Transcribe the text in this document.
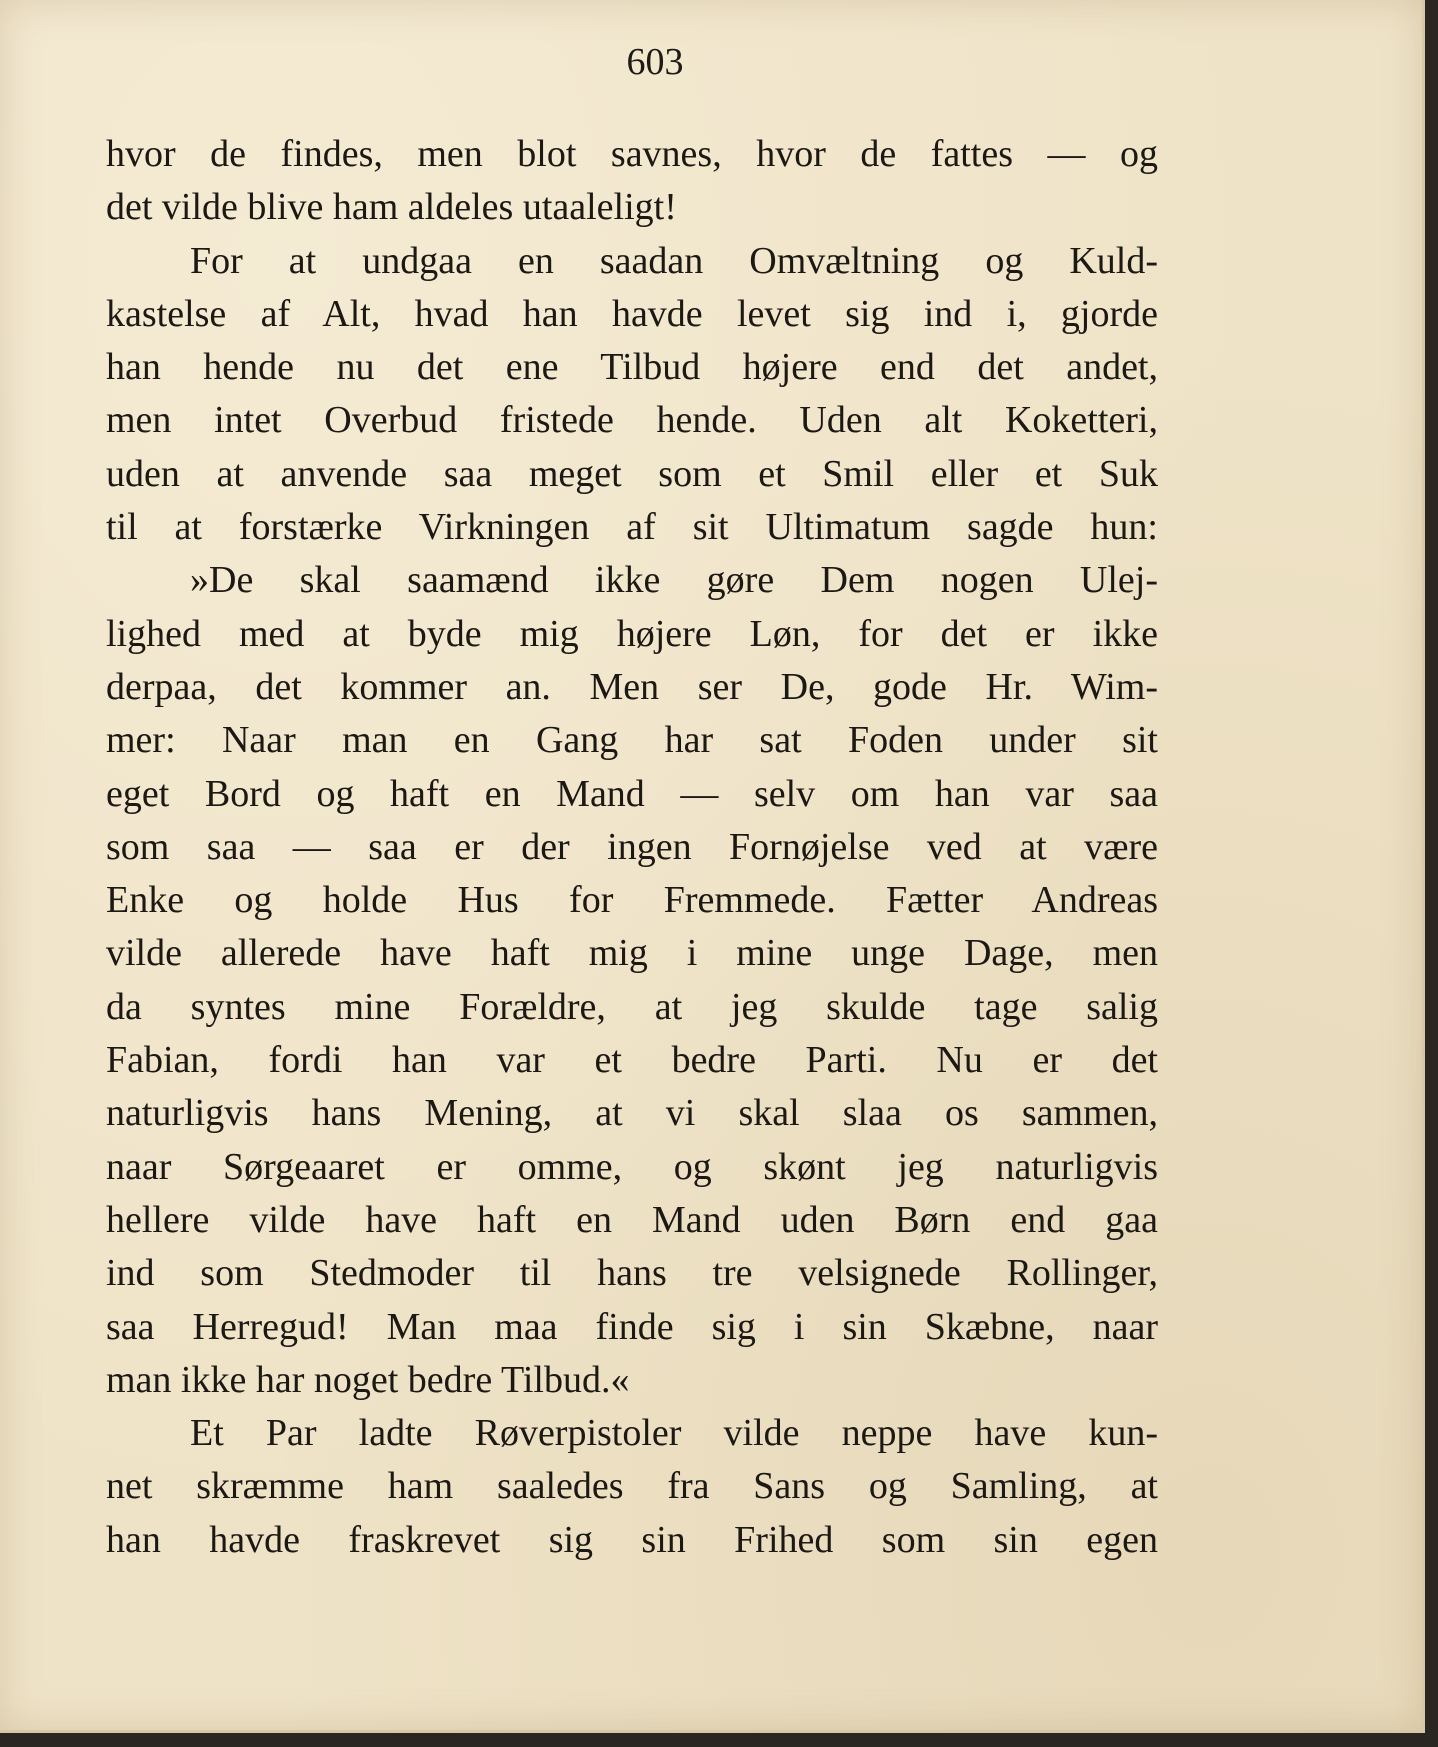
603
hvor de findes, men blot savnes, hvor de fattes — og
det vilde blive ham aldeles utaaleligt!
For at undgaa en saadan Omvæltning og Kuld-
kastelse af Alt, hvad han havde levet sig ind i, gjorde
han hende nu det ene Tilbud højere end det andet,
men intet Overbud fristede hende. Uden alt Koketteri,
uden at anvende saa meget som et Smil eller et Suk
til at forstærke Virkningen af sit Ultimatum sagde hun:
»De skal saamænd ikke gøre Dem nogen Ulej-
lighed med at byde mig højere Løn, for det er ikke
derpaa, det kommer an. Men ser De, gode Hr. Wim-
mer: Naar man en Gang har sat Foden under sit
eget Bord og haft en Mand — selv om han var saa
som saa — saa er der ingen Fornøjelse ved at være
Enke og holde Hus for Fremmede. Fætter Andreas
vilde allerede have haft mig i mine unge Dage, men
da syntes mine Forældre, at jeg skulde tage salig
Fabian, fordi han var et bedre Parti. Nu er det
naturligvis hans Mening, at vi skal slaa os sammen,
naar Sørgeaaret er omme, og skønt jeg naturligvis
hellere vilde have haft en Mand uden Børn end gaa
ind som Stedmoder til hans tre velsignede Rollinger,
saa Herregud! Man maa finde sig i sin Skæbne, naar
man ikke har noget bedre Tilbud.«
Et Par ladte Røverpistoler vilde neppe have kun-
net skræmme ham saaledes fra Sans og Samling, at
han havde fraskrevet sig sin Frihed som sin egen
